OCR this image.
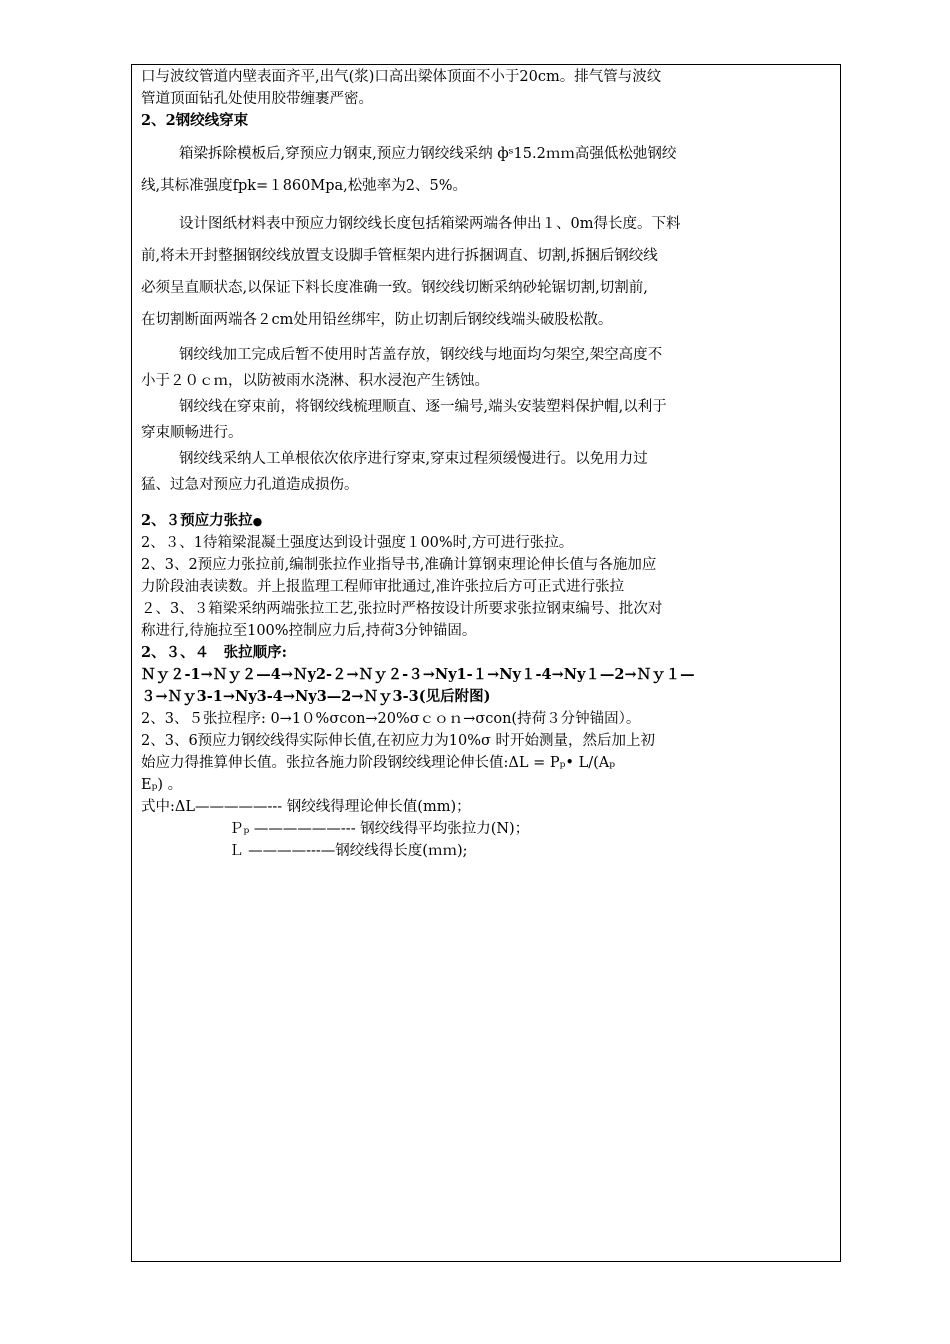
口与波纹管道内壁表面齐平,出气(浆)口高出梁体顶面不小于20cm。排气管与波纹

管道顶面钻孔处使用胶带缠裹严密。

2、2钢绞线穿束

箱梁拆除模板后,穿预应力钢束,预应力钢绞线采纳 фˢ15.2ｍｍ高强低松弛钢绞

线,其标准强度fpk=１860Mpa,松弛率为2、5%。

设计图纸材料表中预应力钢绞线长度包括箱梁两端各伸出１、0m得长度。下料

前,将未开封整捆钢绞线放置支设脚手管框架内进行拆捆调直、切割,拆捆后钢绞线

必须呈直顺状态,以保证下料长度准确一致。钢绞线切断采纳砂轮锯切割,切割前,

在切割断面两端各２cm处用铅丝绑牢，防止切割后钢绞线端头破股松散。

钢绞线加工完成后暂不使用时苫盖存放，钢绞线与地面均匀架空,架空高度不

小于２０ｃｍ，以防被雨水浇淋、积水浸泡产生锈蚀。

钢绞线在穿束前，将钢绞线梳理顺直、逐一编号,端头安装塑料保护帽,以利于

穿束顺畅进行。

钢绞线采纳人工单根依次依序进行穿束,穿束过程须缓慢进行。以免用力过

猛、过急对预应力孔道造成损伤。

2、３预应力张拉●

2、３、1待箱梁混凝土强度达到设计强度１00%时,方可进行张拉。

2、3、2预应力张拉前,编制张拉作业指导书,准确计算钢束理论伸长值与各施加应

力阶段油表读数。并上报监理工程师审批通过,准许张拉后方可正式进行张拉

２、3、３箱梁采纳两端张拉工艺,张拉时严格按设计所要求张拉钢束编号、批次对

称进行,待施拉至100%控制应力后,持荷3分钟锚固。

2、３、４　张拉顺序:

Ｎｙ２-1→Ｎｙ２—4→Ｎy2-２→Ｎｙ２-３→Ny1-１→Ny１-4→Ny１—2→Ｎｙ１—

３→Ｎｙ3-1→Ny3-4→Ny3—2→Ｎｙ3-3(见后附图)

2、3、５张拉程序: 0→1０%σcon→20%σｃｏｎ→σcon(持荷３分钟锚固）。

2、3、6预应力钢绞线得实际伸长值,在初应力为10%σ 时开始测量，然后加上初

始应力得推算伸长值。张拉各施力阶段钢绞线理论伸长值:ΔL = Pₚ• L/(Aₚ

Eₚ) 。

式中:ΔL—————--- 钢绞线得理论伸长值(mm)；

Ｐₚ ——————--- 钢绞线得平均张拉力(N)；

Ｌ ————---—钢绞线得长度(ｍｍ);
